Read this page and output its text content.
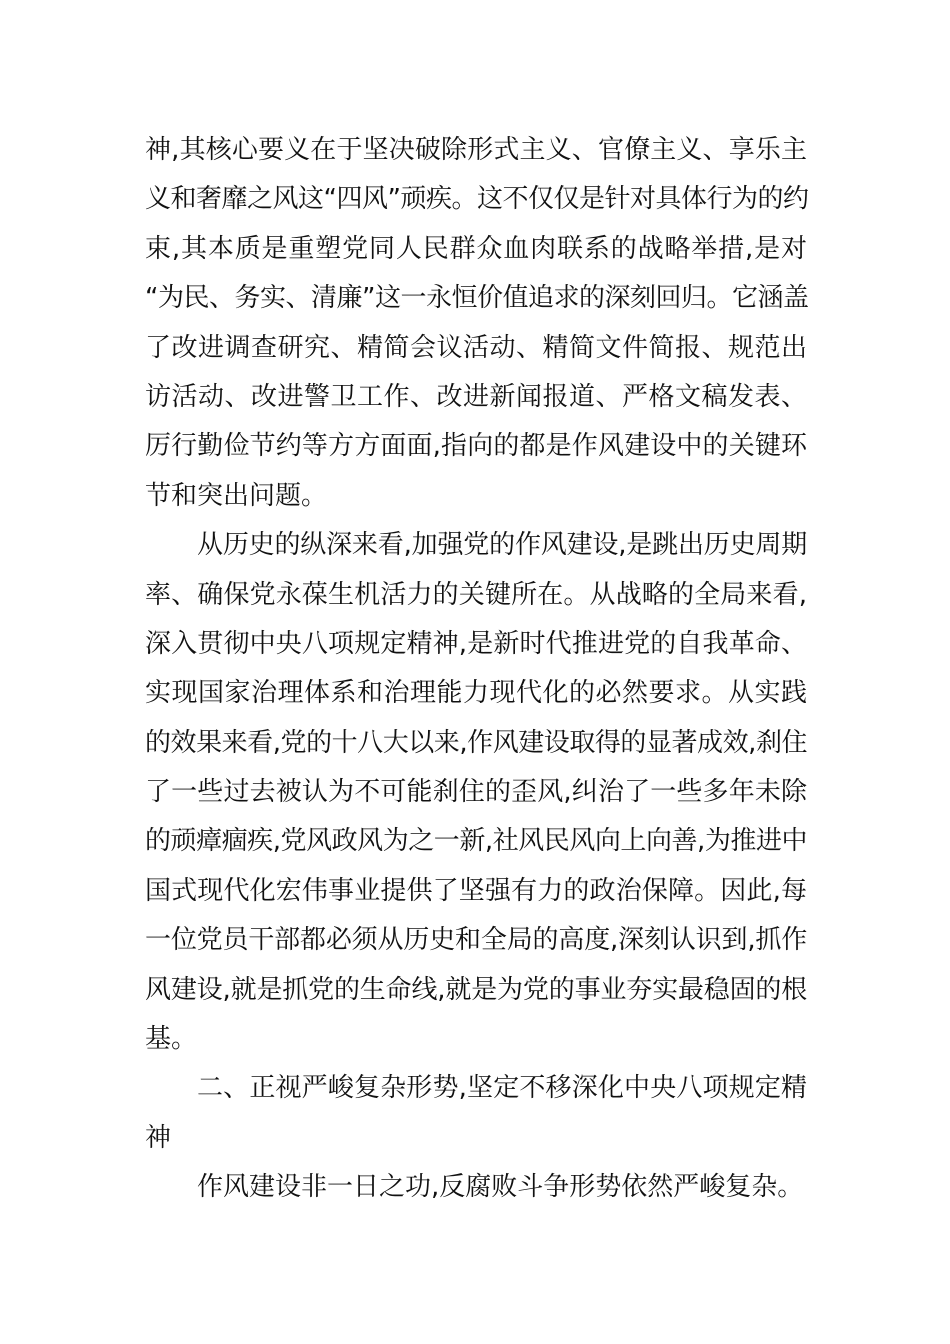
神,其核心要义在于坚决破除形式主义、官僚主义、享乐主
义和奢靡之风这“四风”顽疾。这不仅仅是针对具体行为的约
束,其本质是重塑党同人民群众血肉联系的战略举措,是对
“为民、务实、清廉”这一永恒价值追求的深刻回归。它涵盖
了改进调查研究、精简会议活动、精简文件简报、规范出
访活动、改进警卫工作、改进新闻报道、严格文稿发表、
厉行勤俭节约等方方面面,指向的都是作风建设中的关键环
节和突出问题。
从历史的纵深来看,加强党的作风建设,是跳出历史周期
率、确保党永葆生机活力的关键所在。从战略的全局来看,
深入贯彻中央八项规定精神,是新时代推进党的自我革命、
实现国家治理体系和治理能力现代化的必然要求。从实践
的效果来看,党的十八大以来,作风建设取得的显著成效,刹住
了一些过去被认为不可能刹住的歪风,纠治了一些多年未除
的顽瘴痼疾,党风政风为之一新,社风民风向上向善,为推进中
国式现代化宏伟事业提供了坚强有力的政治保障。因此,每
一位党员干部都必须从历史和全局的高度,深刻认识到,抓作
风建设,就是抓党的生命线,就是为党的事业夯实最稳固的根
基。
二、正视严峻复杂形势,坚定不移深化中央八项规定精
神
作风建设非一日之功,反腐败斗争形势依然严峻复杂。
